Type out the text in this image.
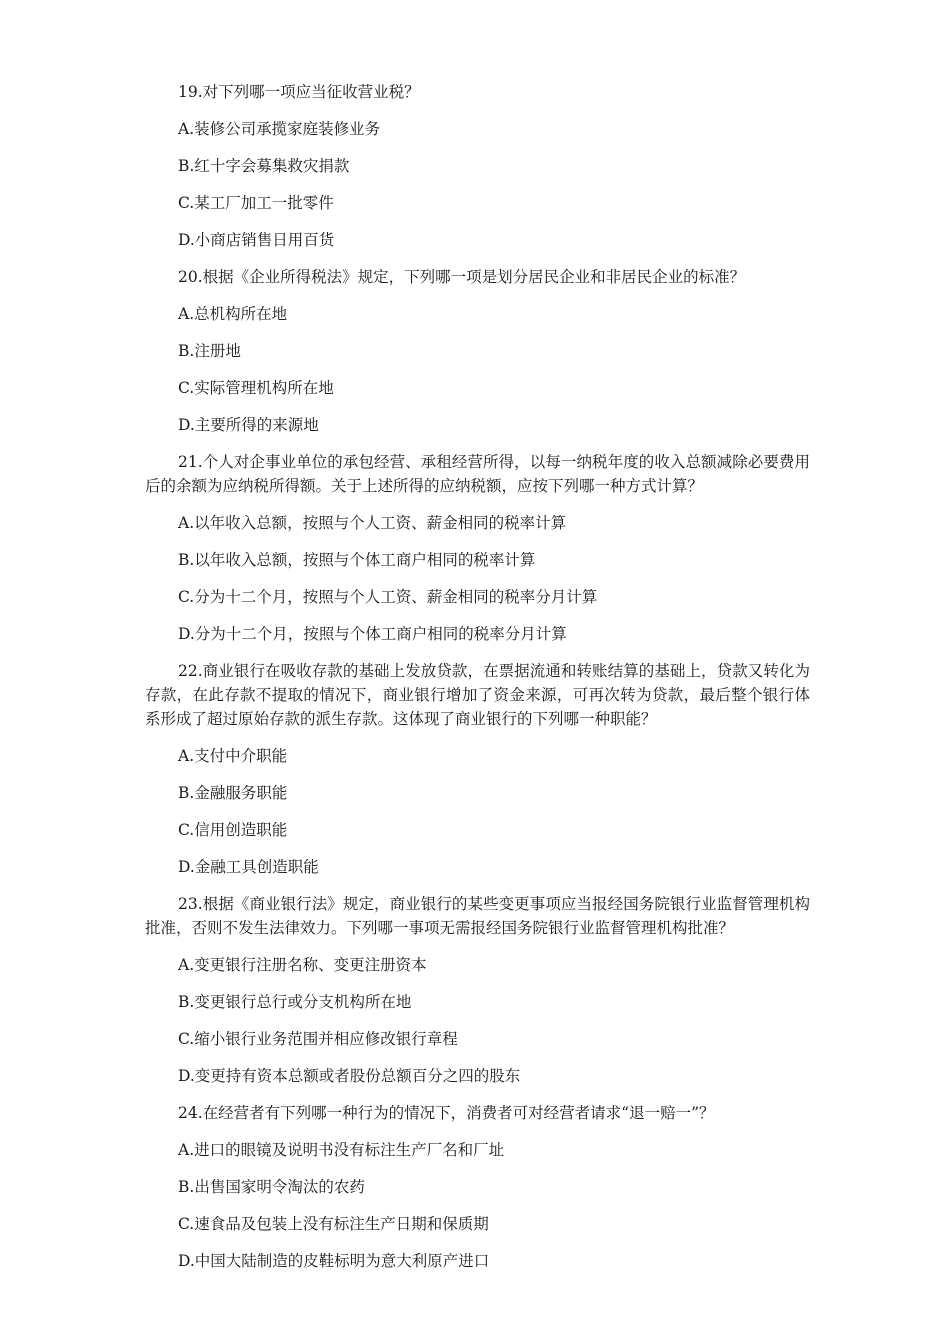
19.对下列哪一项应当征收营业税？
A.装修公司承揽家庭装修业务
B.红十字会募集救灾捐款
C.某工厂加工一批零件
D.小商店销售日用百货
20.根据《企业所得税法》规定，下列哪一项是划分居民企业和非居民企业的标准？
A.总机构所在地
B.注册地
C.实际管理机构所在地
D.主要所得的来源地
21.个人对企事业单位的承包经营、承租经营所得，以每一纳税年度的收入总额减除必要费用后的余额为应纳税所得额。关于上述所得的应纳税额，应按下列哪一种方式计算？
A.以年收入总额，按照与个人工资、薪金相同的税率计算
B.以年收入总额，按照与个体工商户相同的税率计算
C.分为十二个月，按照与个人工资、薪金相同的税率分月计算
D.分为十二个月，按照与个体工商户相同的税率分月计算
22.商业银行在吸收存款的基础上发放贷款，在票据流通和转账结算的基础上，贷款又转化为存款，在此存款不提取的情况下，商业银行增加了资金来源，可再次转为贷款，最后整个银行体系形成了超过原始存款的派生存款。这体现了商业银行的下列哪一种职能？
A.支付中介职能
B.金融服务职能
C.信用创造职能
D.金融工具创造职能
23.根据《商业银行法》规定，商业银行的某些变更事项应当报经国务院银行业监督管理机构批准，否则不发生法律效力。下列哪一事项无需报经国务院银行业监督管理机构批准？
A.变更银行注册名称、变更注册资本
B.变更银行总行或分支机构所在地
C.缩小银行业务范围并相应修改银行章程
D.变更持有资本总额或者股份总额百分之四的股东
24.在经营者有下列哪一种行为的情况下，消费者可对经营者请求“退一赔一”？
A.进口的眼镜及说明书没有标注生产厂名和厂址
B.出售国家明令淘汰的农药
C.速食品及包装上没有标注生产日期和保质期
D.中国大陆制造的皮鞋标明为意大利原产进口
